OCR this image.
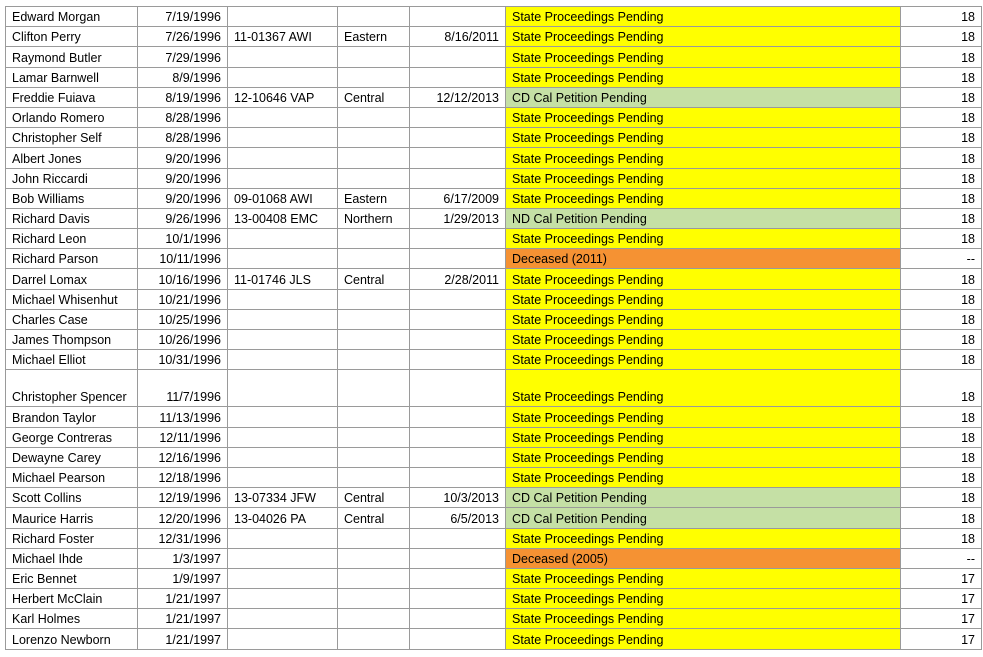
Edward Morgan	7/19/1996				State Proceedings Pending	18
Clifton Perry	7/26/1996	11-01367 AWI	Eastern	8/16/2011	State Proceedings Pending	18
Raymond Butler	7/29/1996				State Proceedings Pending	18
Lamar Barnwell	8/9/1996				State Proceedings Pending	18
Freddie Fuiava	8/19/1996	12-10646 VAP	Central	12/12/2013	CD Cal Petition Pending	18
Orlando Romero	8/28/1996				State Proceedings Pending	18
Christopher Self	8/28/1996				State Proceedings Pending	18
Albert Jones	9/20/1996				State Proceedings Pending	18
John Riccardi	9/20/1996				State Proceedings Pending	18
Bob Williams	9/20/1996	09-01068 AWI	Eastern	6/17/2009	State Proceedings Pending	18
Richard Davis	9/26/1996	13-00408 EMC	Northern	1/29/2013	ND Cal Petition Pending	18
Richard Leon	10/1/1996				State Proceedings Pending	18
Richard Parson	10/11/1996				Deceased (2011)	--
Darrel Lomax	10/16/1996	11-01746 JLS	Central	2/28/2011	State Proceedings Pending	18
Michael Whisenhut	10/21/1996				State Proceedings Pending	18
Charles Case	10/25/1996				State Proceedings Pending	18
James Thompson	10/26/1996				State Proceedings Pending	18
Michael Elliot	10/31/1996				State Proceedings Pending	18
Christopher Spencer	11/7/1996				State Proceedings Pending	18
Brandon Taylor	11/13/1996				State Proceedings Pending	18
George Contreras	12/11/1996				State Proceedings Pending	18
Dewayne Carey	12/16/1996				State Proceedings Pending	18
Michael Pearson	12/18/1996				State Proceedings Pending	18
Scott Collins	12/19/1996	13-07334 JFW	Central	10/3/2013	CD Cal Petition Pending	18
Maurice Harris	12/20/1996	13-04026 PA	Central	6/5/2013	CD Cal Petition Pending	18
Richard Foster	12/31/1996				State Proceedings Pending	18
Michael Ihde	1/3/1997				Deceased (2005)	--
Eric Bennet	1/9/1997				State Proceedings Pending	17
Herbert McClain	1/21/1997				State Proceedings Pending	17
Karl Holmes	1/21/1997				State Proceedings Pending	17
Lorenzo Newborn	1/21/1997				State Proceedings Pending	17
